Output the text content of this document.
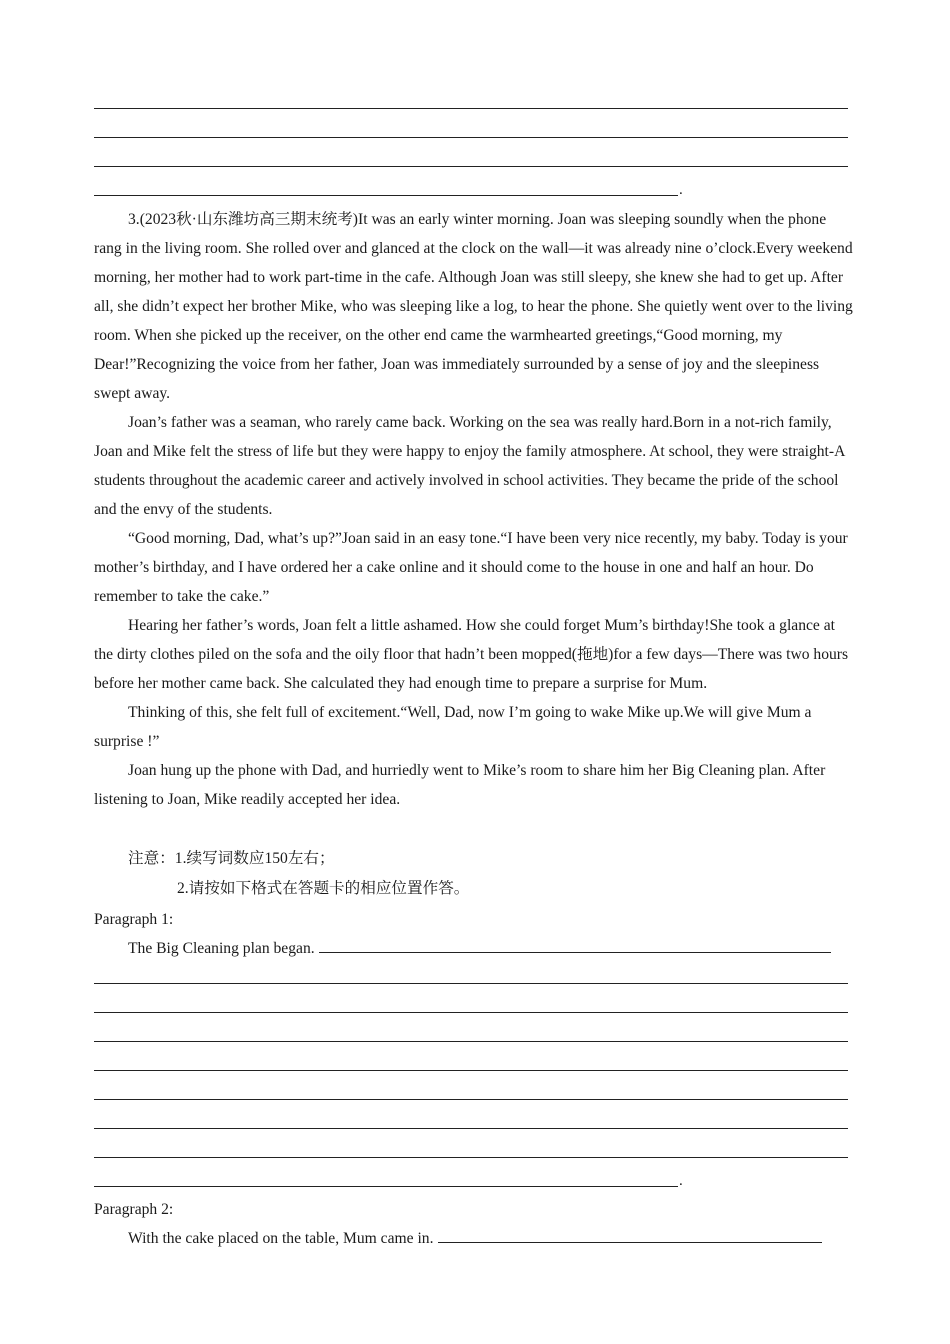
.

3.(2023秋·山东潍坊高三期末统考)It was an early winter morning. Joan was sleeping soundly when the phone rang in the living room. She rolled over and glanced at the clock on the wall—it was already nine o’clock.Every weekend morning, her mother had to work part-time in the cafe. Although Joan was still sleepy, she knew she had to get up. After all, she didn’t expect her brother Mike, who was sleeping like a log, to hear the phone. She quietly went over to the living room. When she picked up the receiver, on the other end came the warmhearted greetings,“Good morning, my Dear!”Recognizing the voice from her father, Joan was immediately surrounded by a sense of joy and the sleepiness swept away.

Joan’s father was a seaman, who rarely came back. Working on the sea was really hard.Born in a not-rich family, Joan and Mike felt the stress of life but they were happy to enjoy the family atmosphere. At school, they were straight-A students throughout the academic career and actively involved in school activities. They became the pride of the school and the envy of the students.

“Good morning, Dad, what’s up?”Joan said in an easy tone.“I have been very nice recently, my baby. Today is your mother’s birthday, and I have ordered her a cake online and it should come to the house in one and half an hour. Do remember to take the cake.”

Hearing her father’s words, Joan felt a little ashamed. How she could forget Mum’s birthday!She took a glance at the dirty clothes piled on the sofa and the oily floor that hadn’t been mopped(拖地)for a few days—There was two hours before her mother came back. She calculated they had enough time to prepare a surprise for Mum.

Thinking of this, she felt full of excitement.“Well, Dad, now I’m going to wake Mike up.We will give Mum a surprise !”

Joan hung up the phone with Dad, and hurriedly went to Mike’s room to share him her Big Cleaning plan. After listening to Joan, Mike readily accepted her idea.

注意：1.续写词数应150左右；
2.请按如下格式在答题卡的相应位置作答。
Paragraph 1:
The Big Cleaning plan began.
.
Paragraph 2:
With the cake placed on the table, Mum came in.
